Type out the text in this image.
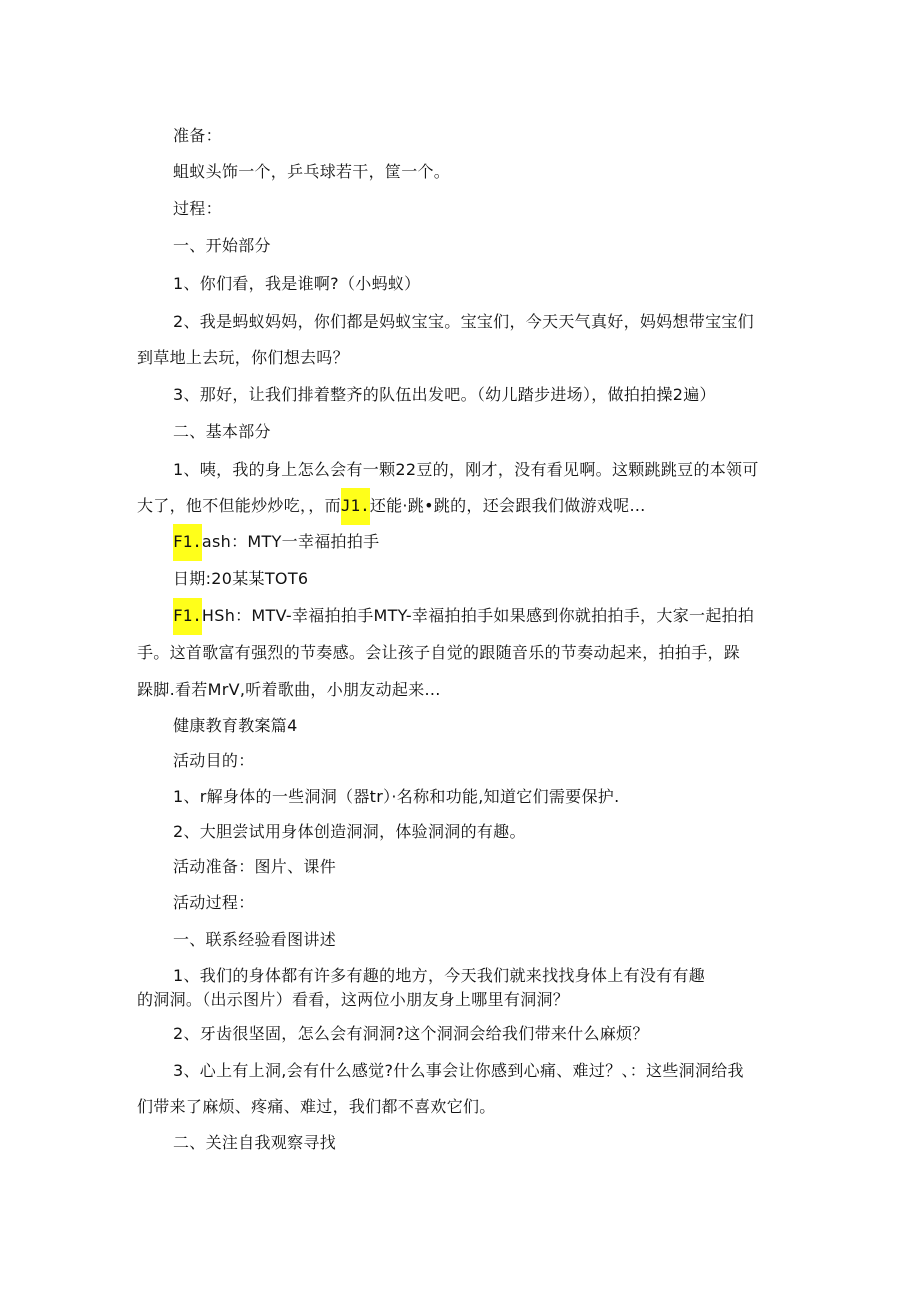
准备：
蛆蚁头饰一个，乒乓球若干，筐一个。
过程：
一、开始部分
1、你们看，我是谁啊?（小蚂蚁）
2、我是蚂蚁妈妈，你们都是妈蚁宝宝。宝宝们，今天天气真好，妈妈想带宝宝们
到草地上去玩，你们想去吗？
3、那好，让我们排着整齐的队伍出发吧。（幼儿踏步进场），做拍拍操2遍）
二、基本部分
1、咦，我的身上怎么会有一颗22豆的，刚才，没有看见啊。这颗跳跳豆的本领可
大了，他不但能炒炒吃，，而J1.还能·跳•跳的，还会跟我们做游戏呢…
F1.ash：MTY一幸福拍拍手
日期:20某某TOT6
F1.HSh：MTV-幸福拍拍手MTY-幸福拍拍手如果感到你就拍拍手，大家一起拍拍
手。这首歌富有强烈的节奏感。会让孩子自觉的跟随音乐的节奏动起来，拍拍手，跺
跺脚.看若MrV,听着歌曲，小朋友动起来...
健康教育教案篇4
活动目的：
1、r解身体的一些洞洞（器tr）·名称和功能,知道它们需要保护.
2、大胆尝试用身体创造洞洞，体验洞洞的有趣。
活动准备：图片、课件
活动过程：
一、联系经验看图讲述
1、我们的身体都有许多有趣的地方，今天我们就来找找身体上有没有有趣
的洞洞。（出示图片）看看，这两位小朋友身上哪里有洞洞？
2、牙齿很坚固，怎么会有洞洞?这个洞洞会给我们带来什么麻烦？
3、心上有上洞,会有什么感觉?什么事会让你感到心痛、难过？、：这些洞洞给我
们带来了麻烦、疼痛、难过，我们都不喜欢它们。
二、关注自我观察寻找
